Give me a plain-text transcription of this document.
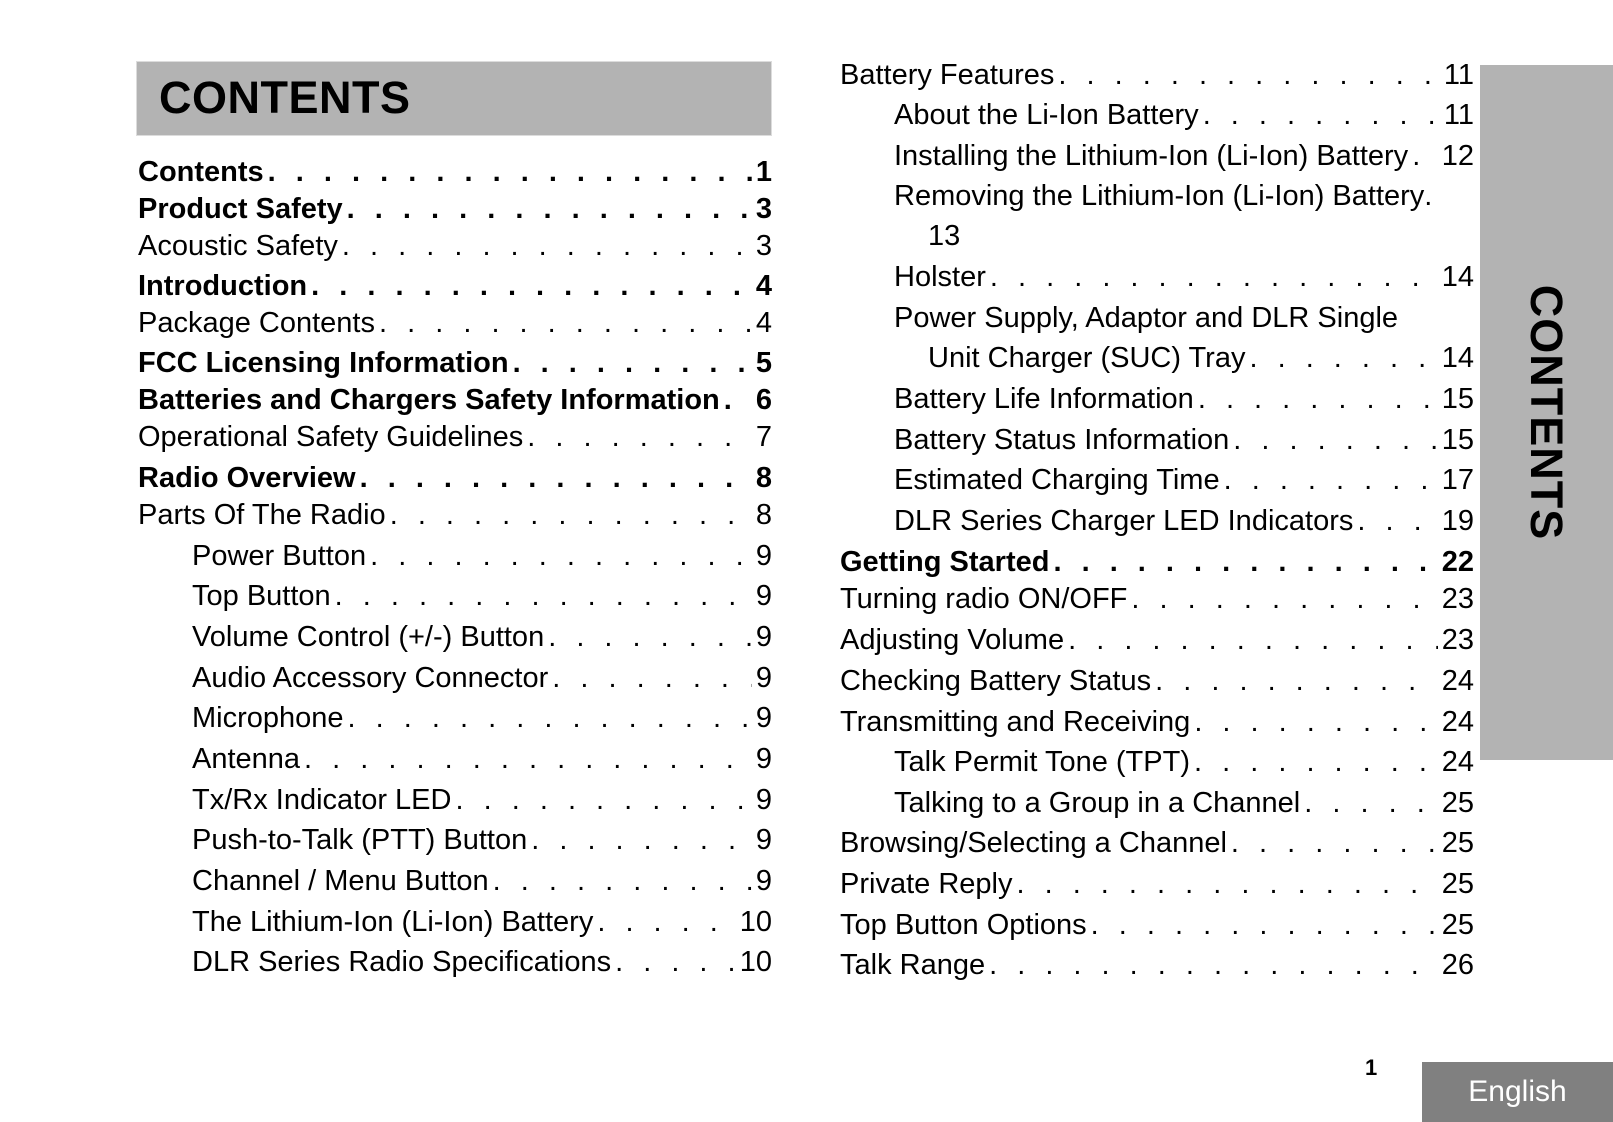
CONTENTS
Contents . . .	1
Product Safety . . .	3
Acoustic Safety . . .	3
Introduction . . .	4
Package Contents . . .	4
FCC Licensing Information . . .	5
Batteries and Chargers Safety Information . . . 6
Operational Safety Guidelines . . .	7
Radio Overview . . .	8
Parts Of The Radio . . .	8
Power Button . . .	9
Top Button . . .	9
Volume Control (+/-) Button . . .	9
Audio Accessory Connector . . .	9
Microphone . . .	9
Antenna . . .	9
Tx/Rx Indicator LED . . .	9
Push-to-Talk (PTT) Button . . .	9
Channel / Menu Button . . .	9
The Lithium-Ion (Li-Ion) Battery . . .	10
DLR Series Radio Specifications . . .	10
Battery Features . . .	11
About the Li-Ion Battery . . .	11
Installing the Lithium-Ion (Li-Ion) Battery . . . 12
Removing the Lithium-Ion (Li-Ion) Battery .
13
Holster . . .	14
Power Supply, Adaptor and DLR Single
Unit Charger (SUC) Tray . . .	14
Battery Life Information . . .	15
Battery Status Information . . .	15
Estimated Charging Time . . .	17
DLR Series Charger LED Indicators . . .	19
Getting Started . . .	22
Turning radio ON/OFF . . .	23
Adjusting Volume . . .	23
Checking Battery Status . . .	24
Transmitting and Receiving . . .	24
Talk Permit Tone (TPT) . . .	24
Talking to a Group in a Channel . . .	25
Browsing/Selecting a Channel . . .	25
Private Reply . . .	25
Top Button Options . . .	25
Talk Range . . .	26
CONTENTS
1
English
